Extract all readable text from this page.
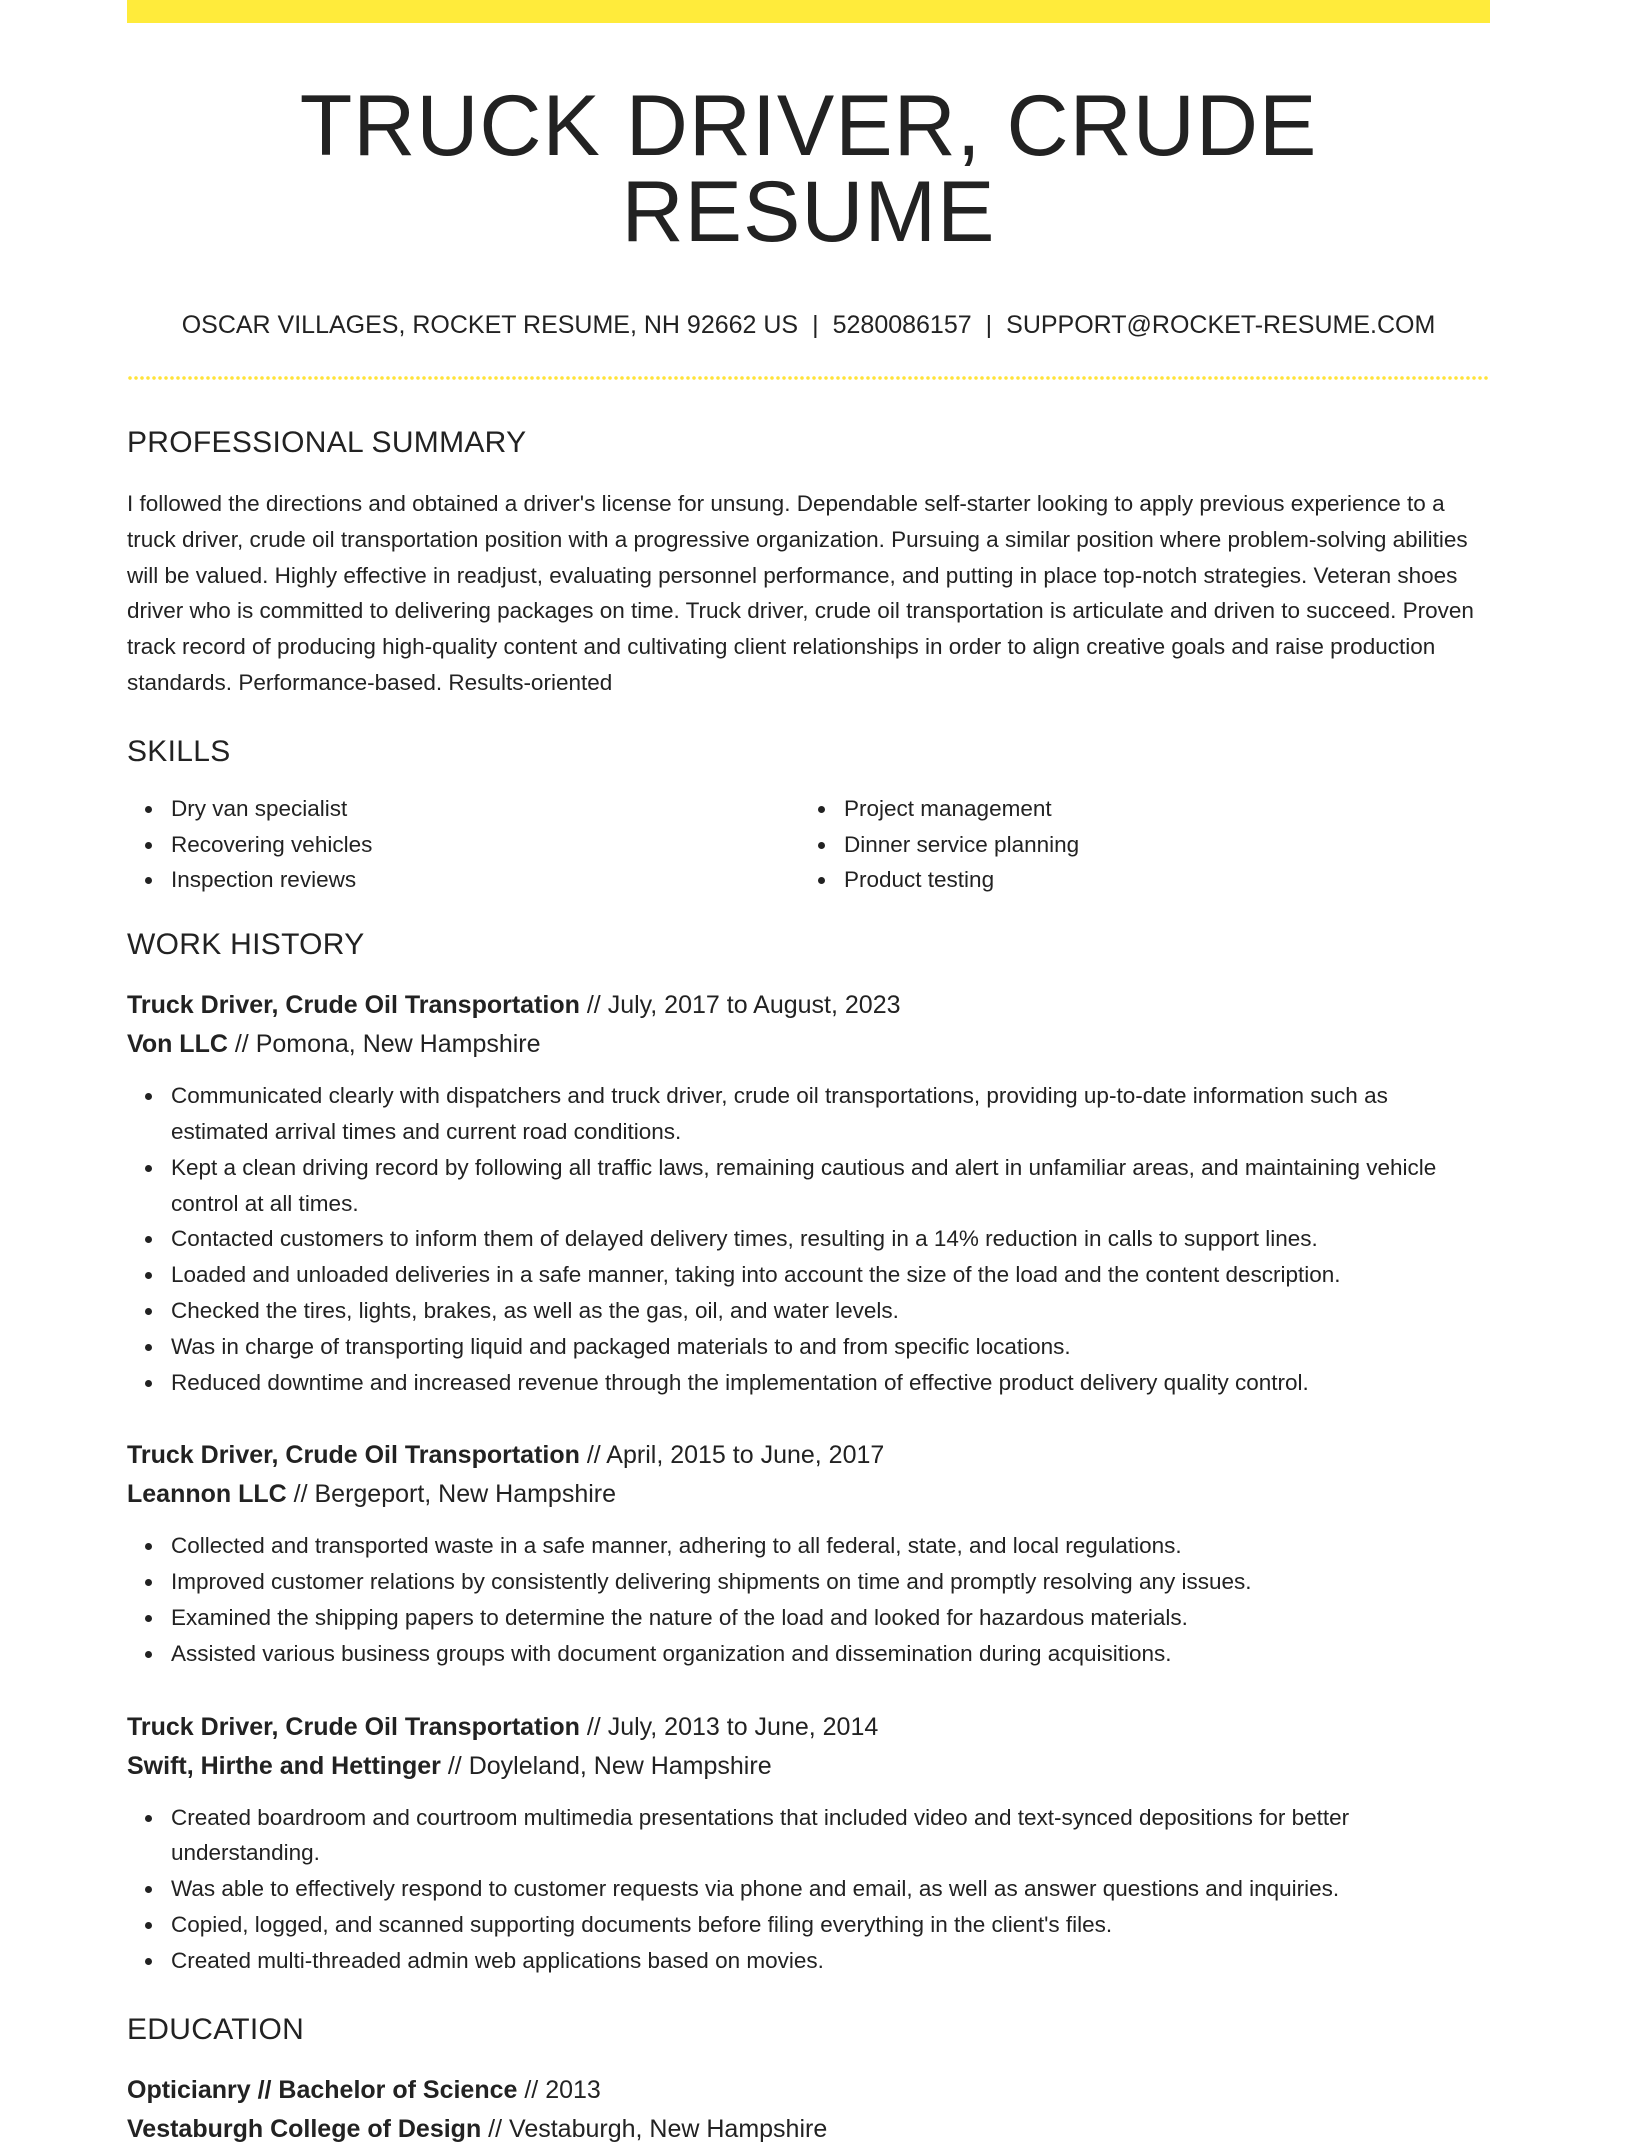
TRUCK DRIVER, CRUDE RESUME
OSCAR VILLAGES, ROCKET RESUME, NH 92662 US | 5280086157 | SUPPORT@ROCKET-RESUME.COM
PROFESSIONAL SUMMARY

I followed the directions and obtained a driver's license for unsung. Dependable self-starter looking to apply previous experience to a truck driver, crude oil transportation position with a progressive organization. Pursuing a similar position where problem-solving abilities will be valued. Highly effective in readjust, evaluating personnel performance, and putting in place top-notch strategies. Veteran shoes driver who is committed to delivering packages on time. Truck driver, crude oil transportation is articulate and driven to succeed. Proven track record of producing high-quality content and cultivating client relationships in order to align creative goals and raise production standards. Performance-based. Results-oriented

SKILLS
Dry van specialist
Recovering vehicles
Inspection reviews
Project management
Dinner service planning
Product testing
WORK HISTORY
Truck Driver, Crude Oil Transportation // July, 2017 to August, 2023
Von LLC // Pomona, New Hampshire
Communicated clearly with dispatchers and truck driver, crude oil transportations, providing up-to-date information such as estimated arrival times and current road conditions.
Kept a clean driving record by following all traffic laws, remaining cautious and alert in unfamiliar areas, and maintaining vehicle control at all times.
Contacted customers to inform them of delayed delivery times, resulting in a 14% reduction in calls to support lines.
Loaded and unloaded deliveries in a safe manner, taking into account the size of the load and the content description.
Checked the tires, lights, brakes, as well as the gas, oil, and water levels.
Was in charge of transporting liquid and packaged materials to and from specific locations.
Reduced downtime and increased revenue through the implementation of effective product delivery quality control.
Truck Driver, Crude Oil Transportation // April, 2015 to June, 2017
Leannon LLC // Bergeport, New Hampshire
Collected and transported waste in a safe manner, adhering to all federal, state, and local regulations.
Improved customer relations by consistently delivering shipments on time and promptly resolving any issues.
Examined the shipping papers to determine the nature of the load and looked for hazardous materials.
Assisted various business groups with document organization and dissemination during acquisitions.
Truck Driver, Crude Oil Transportation // July, 2013 to June, 2014
Swift, Hirthe and Hettinger // Doyleland, New Hampshire
Created boardroom and courtroom multimedia presentations that included video and text-synced depositions for better understanding.
Was able to effectively respond to customer requests via phone and email, as well as answer questions and inquiries.
Copied, logged, and scanned supporting documents before filing everything in the client's files.
Created multi-threaded admin web applications based on movies.
EDUCATION
Opticianry // Bachelor of Science // 2013
Vestaburgh College of Design // Vestaburgh, New Hampshire
